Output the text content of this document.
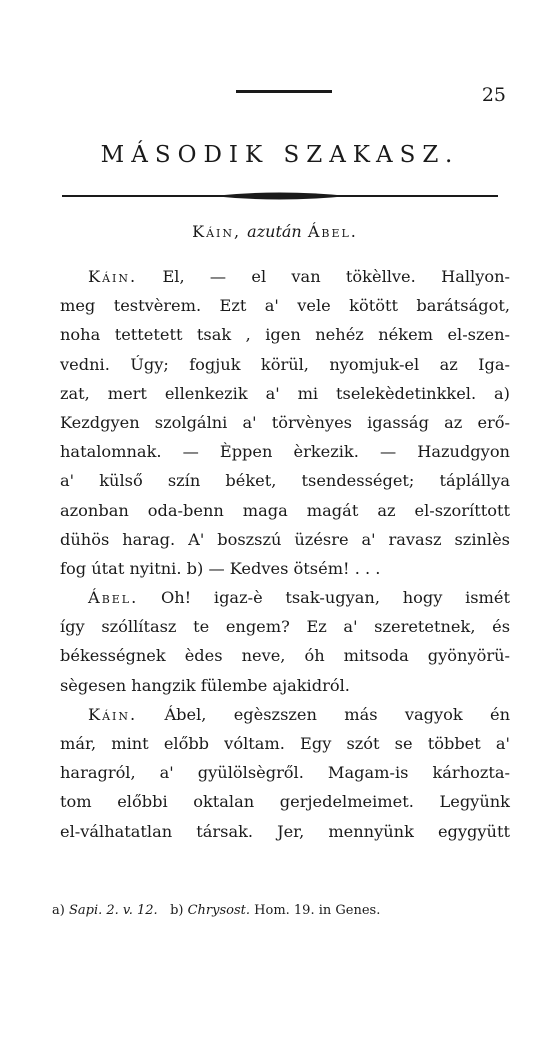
25
MÁSODIK SZAKASZ.
Káin, azután Ábel.
Káin. El, — el van tökèllve. Hallyon-
meg testvèrem. Ezt a' vele kötött barátságot,
noha tettetett tsak , igen nehéz nékem el-szen-
vedni. Úgy; fogjuk körül, nyomjuk-el az Iga-
zat, mert ellenkezik a' mi tselekèdetinkkel. a)
Kezdgyen szolgálni a' törvènyes igasság az erő-
hatalomnak. — Èppen èrkezik. — Hazudgyon
a' külső szín béket, tsendességet; táplállya
azonban oda-benn maga magát az el-szoríttott
dühös harag. A' boszszú üzésre a' ravasz szinlès
fog útat nyitni. b) — Kedves ötsém! . . .
Ábel. Oh! igaz-è tsak-ugyan, hogy ismét
így szóllítasz te engem? Ez a' szeretetnek, és
békességnek èdes neve, óh mitsoda gyönyörü-
sègesen hangzik fülembe ajakidról.
Káin. Ábel, egèszszen más vagyok én
már, mint előbb vóltam. Egy szót se többet a'
haragról, a' gyülölsègről. Magam-is kárhozta-
tom előbbi oktalan gerjedelmeimet. Legyünk
el-válhatatlan társak. Jer, mennyünk egygyütt
a) Sapi. 2. v. 12. b) Chrysost. Hom. 19. in Genes.
